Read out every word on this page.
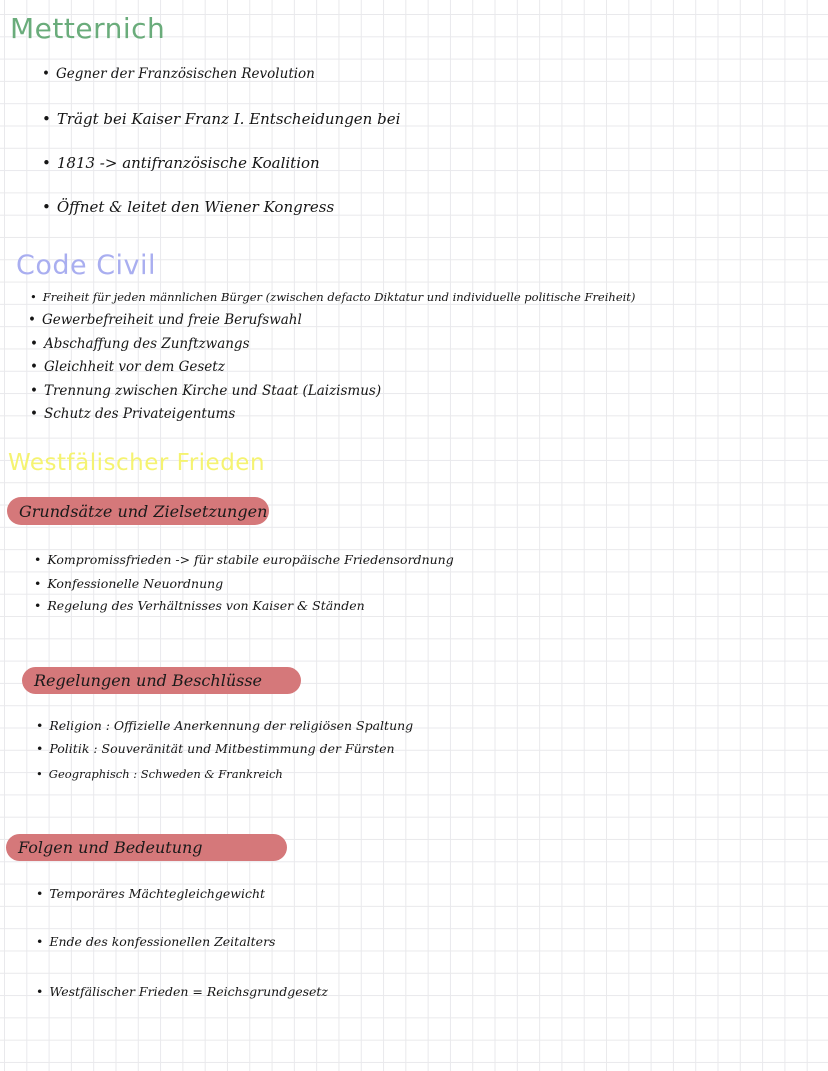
Metternich
• Gegner der Französischen Revolution
• Trägt bei Kaiser Franz I. Entscheidungen bei
• 1813 -> antifranzösische Koalition
• Öffnet & leitet den Wiener Kongress
Code Civil
• Freiheit für jeden männlichen Bürger (zwischen defacto Diktatur und individuelle politische Freiheit)
• Gewerbefreiheit und freie Berufswahl
• Abschaffung des Zunftzwangs
• Gleichheit vor dem Gesetz
• Trennung zwischen Kirche und Staat (Laizismus)
• Schutz des Privateigentums
Westfälischer Frieden
Grundsätze und Zielsetzungen
• Kompromissfrieden -> für stabile europäische Friedensordnung
• Konfessionelle Neuordnung
• Regelung des Verhältnisses von Kaiser & Ständen
Regelungen und Beschlüsse
• Religion : Offizielle Anerkennung der religiösen Spaltung
• Politik : Souveränität und Mitbestimmung der Fürsten
• Geographisch : Schweden & Frankreich
Folgen und Bedeutung
• Temporäres Mächtegleichgewicht
• Ende des konfessionellen Zeitalters
• Westfälischer Frieden = Reichsgrundgesetz
